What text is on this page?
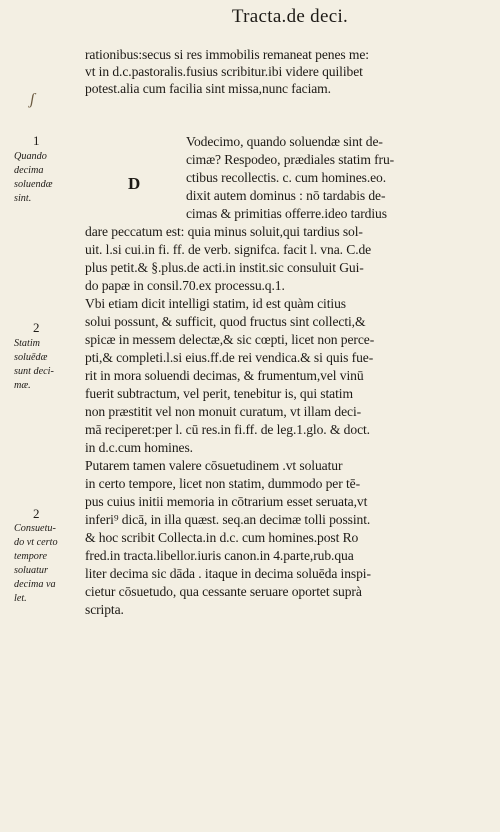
Tracta.de deci.
ʃ
D
rationibus:secus si res immobilis remaneat penes me:
vt in d.c.pastoralis.fusius scribitur.ibi videre quilibet
potest.alia cum facilia sint missa,nunc faciam.
Vodecimo, quando soluendæ sint de-
cimæ? Respodeo, prædiales statim fru-
ctibus recollectis. c. cum homines.eo.
dixit autem dominus : nō tardabis de-
cimas & primitias offerre.ideo tardius
dare peccatum est: quia minus soluit,qui tardius sol-
uit. l.si cui.in fi. ff. de verb. signifca. facit l. vna. C.de
plus petit.& §.plus.de acti.in instit.sic consuluit Gui-
do papæ in consil.70.ex processu.q.1.
Vbi etiam dicit intelligi statim, id est quàm citius
solui possunt, & sufficit, quod fructus sint collecti,&
spicæ in messem delectæ,& sic cœpti, licet non perce-
pti,& completi.l.si eius.ff.de rei vendica.& si quis fue-
rit in mora soluendi decimas, & frumentum,vel vinū
fuerit subtractum, vel perit, tenebitur is, qui statim
non præstitit vel non monuit curatum, vt illam deci-
mā reciperet:per l. cū res.in fi.ff. de leg.1.glo. & doct.
in d.c.cum homines.
Putarem tamen valere cōsuetudinem .vt soluatur
in certo tempore, licet non statim, dummodo per tē-
pus cuius initii memoria in cōtrarium esset seruata,vt
inferi⁹ dicā, in illa quæst. seq.an decimæ tolli possint.
& hoc scribit Collecta.in d.c. cum homines.post Ro
fred.in tracta.libellor.iuris canon.in 4.parte,rub.qua
liter decima sic dāda . itaque in decima soluēda inspi-
cietur cōsuetudo, qua cessante seruare oportet suprà
scripta.
1
Quando
decima
soluendæ
sint.
2
Statim
soluēdæ
sunt deci-
mæ.
2
Consuetu-
do vt certo
tempore
soluatur
decima va
let.
